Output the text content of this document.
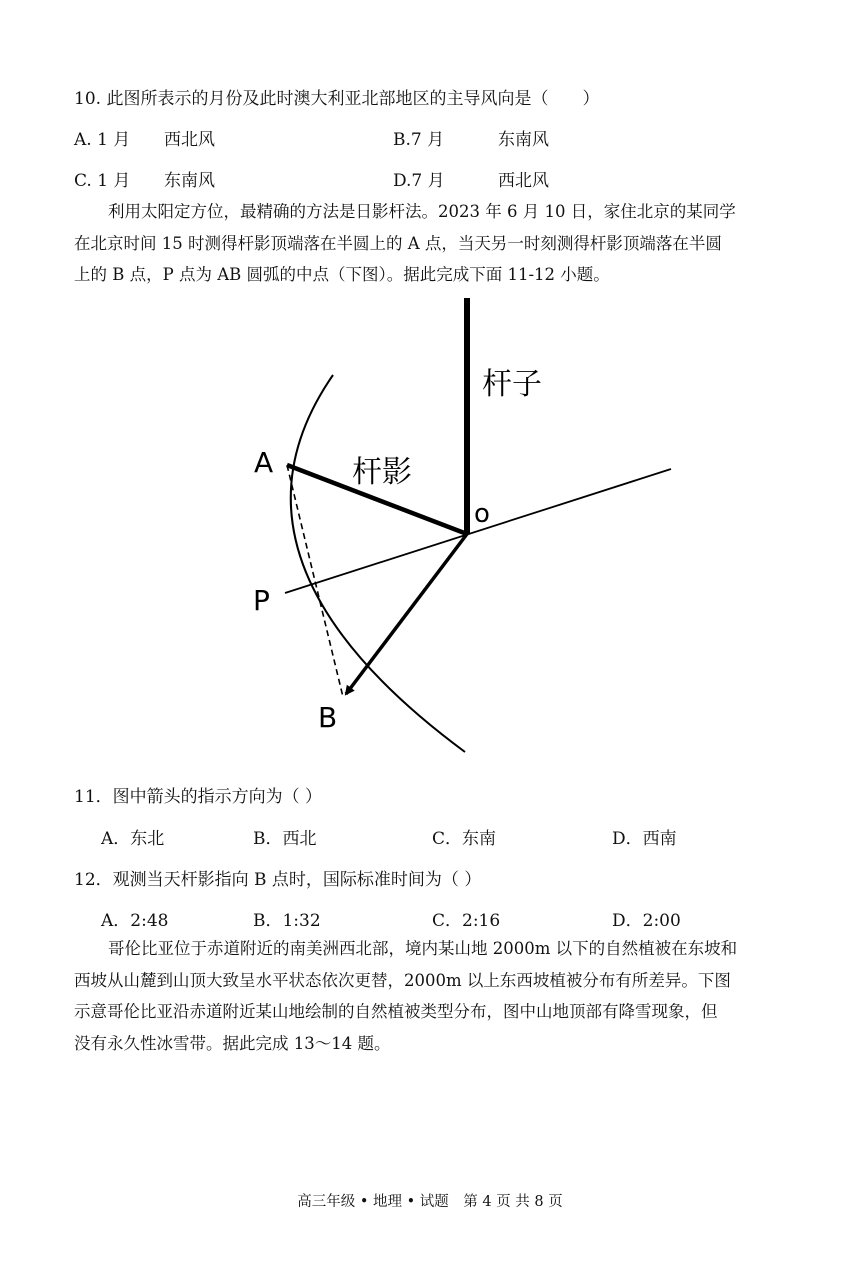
10. 此图所表示的月份及此时澳大利亚北部地区的主导风向是（　　）
A. 1 月 西北风	B.7 月	东南风
C. 1 月 东南风	D.7 月	西北风
利用太阳定方位，最精确的方法是日影杆法。2023 年 6 月 10 日，家住北京的某同学
在北京时间 15 时测得杆影顶端落在半圆上的 A 点，当天另一时刻测得杆影顶端落在半圆
上的 B 点，P 点为 AB 圆弧的中点（下图）。据此完成下面 11-12 小题。
杆子
杆影
A
P
B
o
11．图中箭头的指示方向为（ ）
A．东北	B．西北	C．东南	D．西南
12．观测当天杆影指向 B 点时，国际标准时间为（ ）
A．2:48	B．1:32	C．2:16	D．2:00
哥伦比亚位于赤道附近的南美洲西北部，境内某山地 2000m 以下的自然植被在东坡和
西坡从山麓到山顶大致呈水平状态依次更替，2000m 以上东西坡植被分布有所差异。下图
示意哥伦比亚沿赤道附近某山地绘制的自然植被类型分布，图中山地顶部有降雪现象，但
没有永久性冰雪带。据此完成 13～14 题。
高三年级 • 地理 • 试题　第 4 页 共 8 页
